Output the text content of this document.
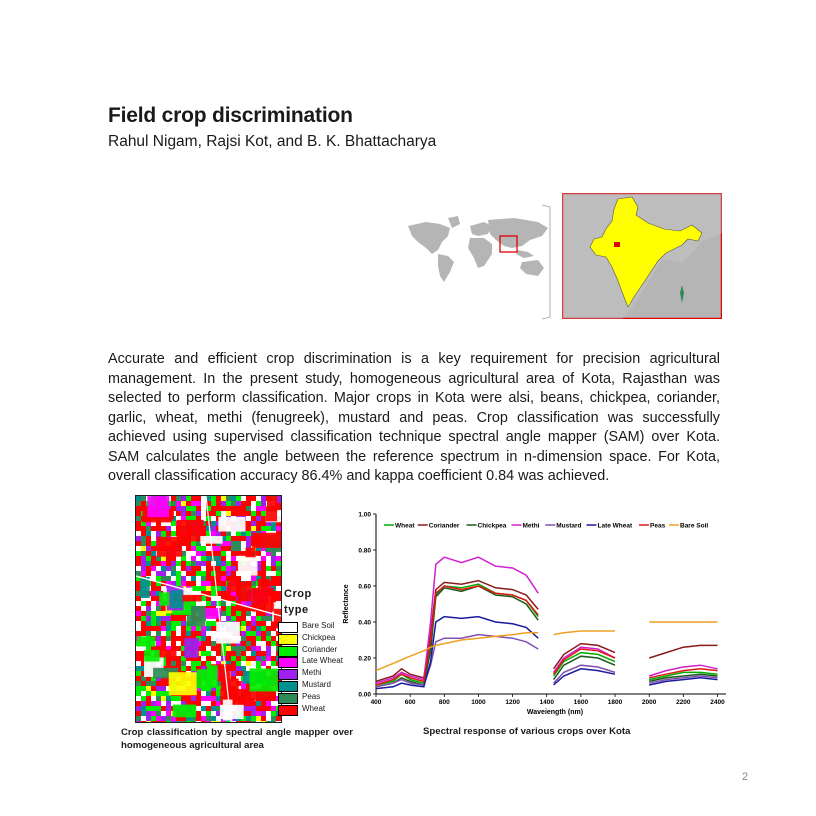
Field crop discrimination
Rahul Nigam, Rajsi Kot, and B. K. Bhattacharya
Accurate and efficient crop discrimination is a key requirement for precision agricultural management. In the present study, homogeneous agricultural area of Kota, Rajasthan was selected to perform classification. Major crops in Kota were alsi, beans, chickpea, coriander, garlic, wheat, methi (fenugreek), mustard and peas. Crop classification was successfully achieved using supervised classification technique spectral angle mapper (SAM) over Kota. SAM calculates the angle between the reference spectrum in n-dimension space. For Kota, overall classification accuracy 86.4% and kappa coefficient 0.84 was achieved.
Crop
type
Crop classification by spectral angle mapper over homogeneous agricultural area
0.00
0.20
0.40
0.60
0.80
1.00
400	600	800	1000	1200	1400	1600	1800	2000	2200	2400
Waveiength (nm)
Reflectance
Wheat Coriander	Chickpea Methi	Mustard Late Wheat	Peas Bare Soil
Spectral response of various crops over Kota
2
Bare Soil
Chickpea
Coriander
Late Wheat
Methi
Mustard
Peas
Wheat
